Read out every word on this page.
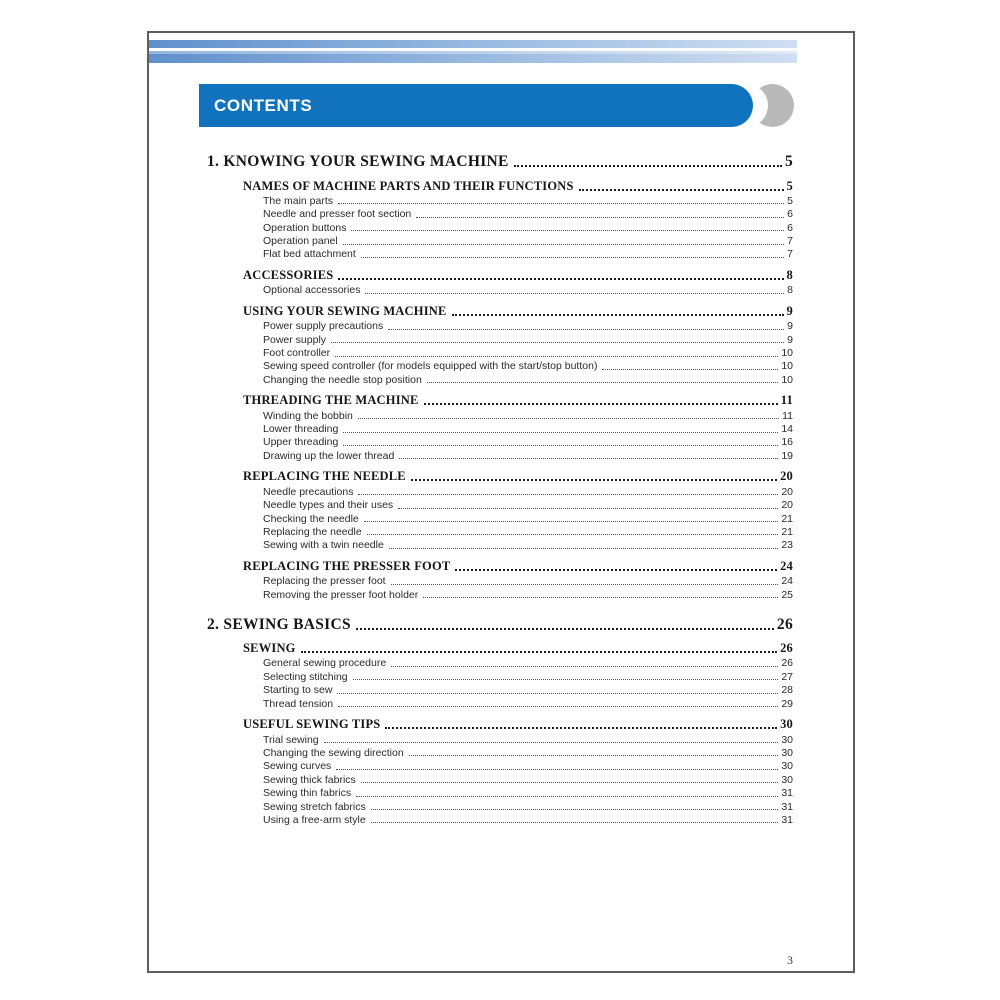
CONTENTS
1. KNOWING YOUR SEWING MACHINE	5
NAMES OF MACHINE PARTS AND THEIR FUNCTIONS	5
The main parts	5
Needle and presser foot section	6
Operation buttons	6
Operation panel	7
Flat bed attachment	7
ACCESSORIES	8
Optional accessories	8
USING YOUR SEWING MACHINE	9
Power supply precautions	9
Power supply	9
Foot controller	10
Sewing speed controller (for models equipped with the start/stop button)	10
Changing the needle stop position	10
THREADING THE MACHINE	11
Winding the bobbin	11
Lower threading	14
Upper threading	16
Drawing up the lower thread	19
REPLACING THE NEEDLE	20
Needle precautions	20
Needle types and their uses	20
Checking the needle	21
Replacing the needle	21
Sewing with a twin needle	23
REPLACING THE PRESSER FOOT	24
Replacing the presser foot	24
Removing the presser foot holder	25
2. SEWING BASICS	26
SEWING	26
General sewing procedure	26
Selecting stitching	27
Starting to sew	28
Thread tension	29
USEFUL SEWING TIPS	30
Trial sewing	30
Changing the sewing direction	30
Sewing curves	30
Sewing thick fabrics	30
Sewing thin fabrics	31
Sewing stretch fabrics	31
Using a free-arm style	31
3
